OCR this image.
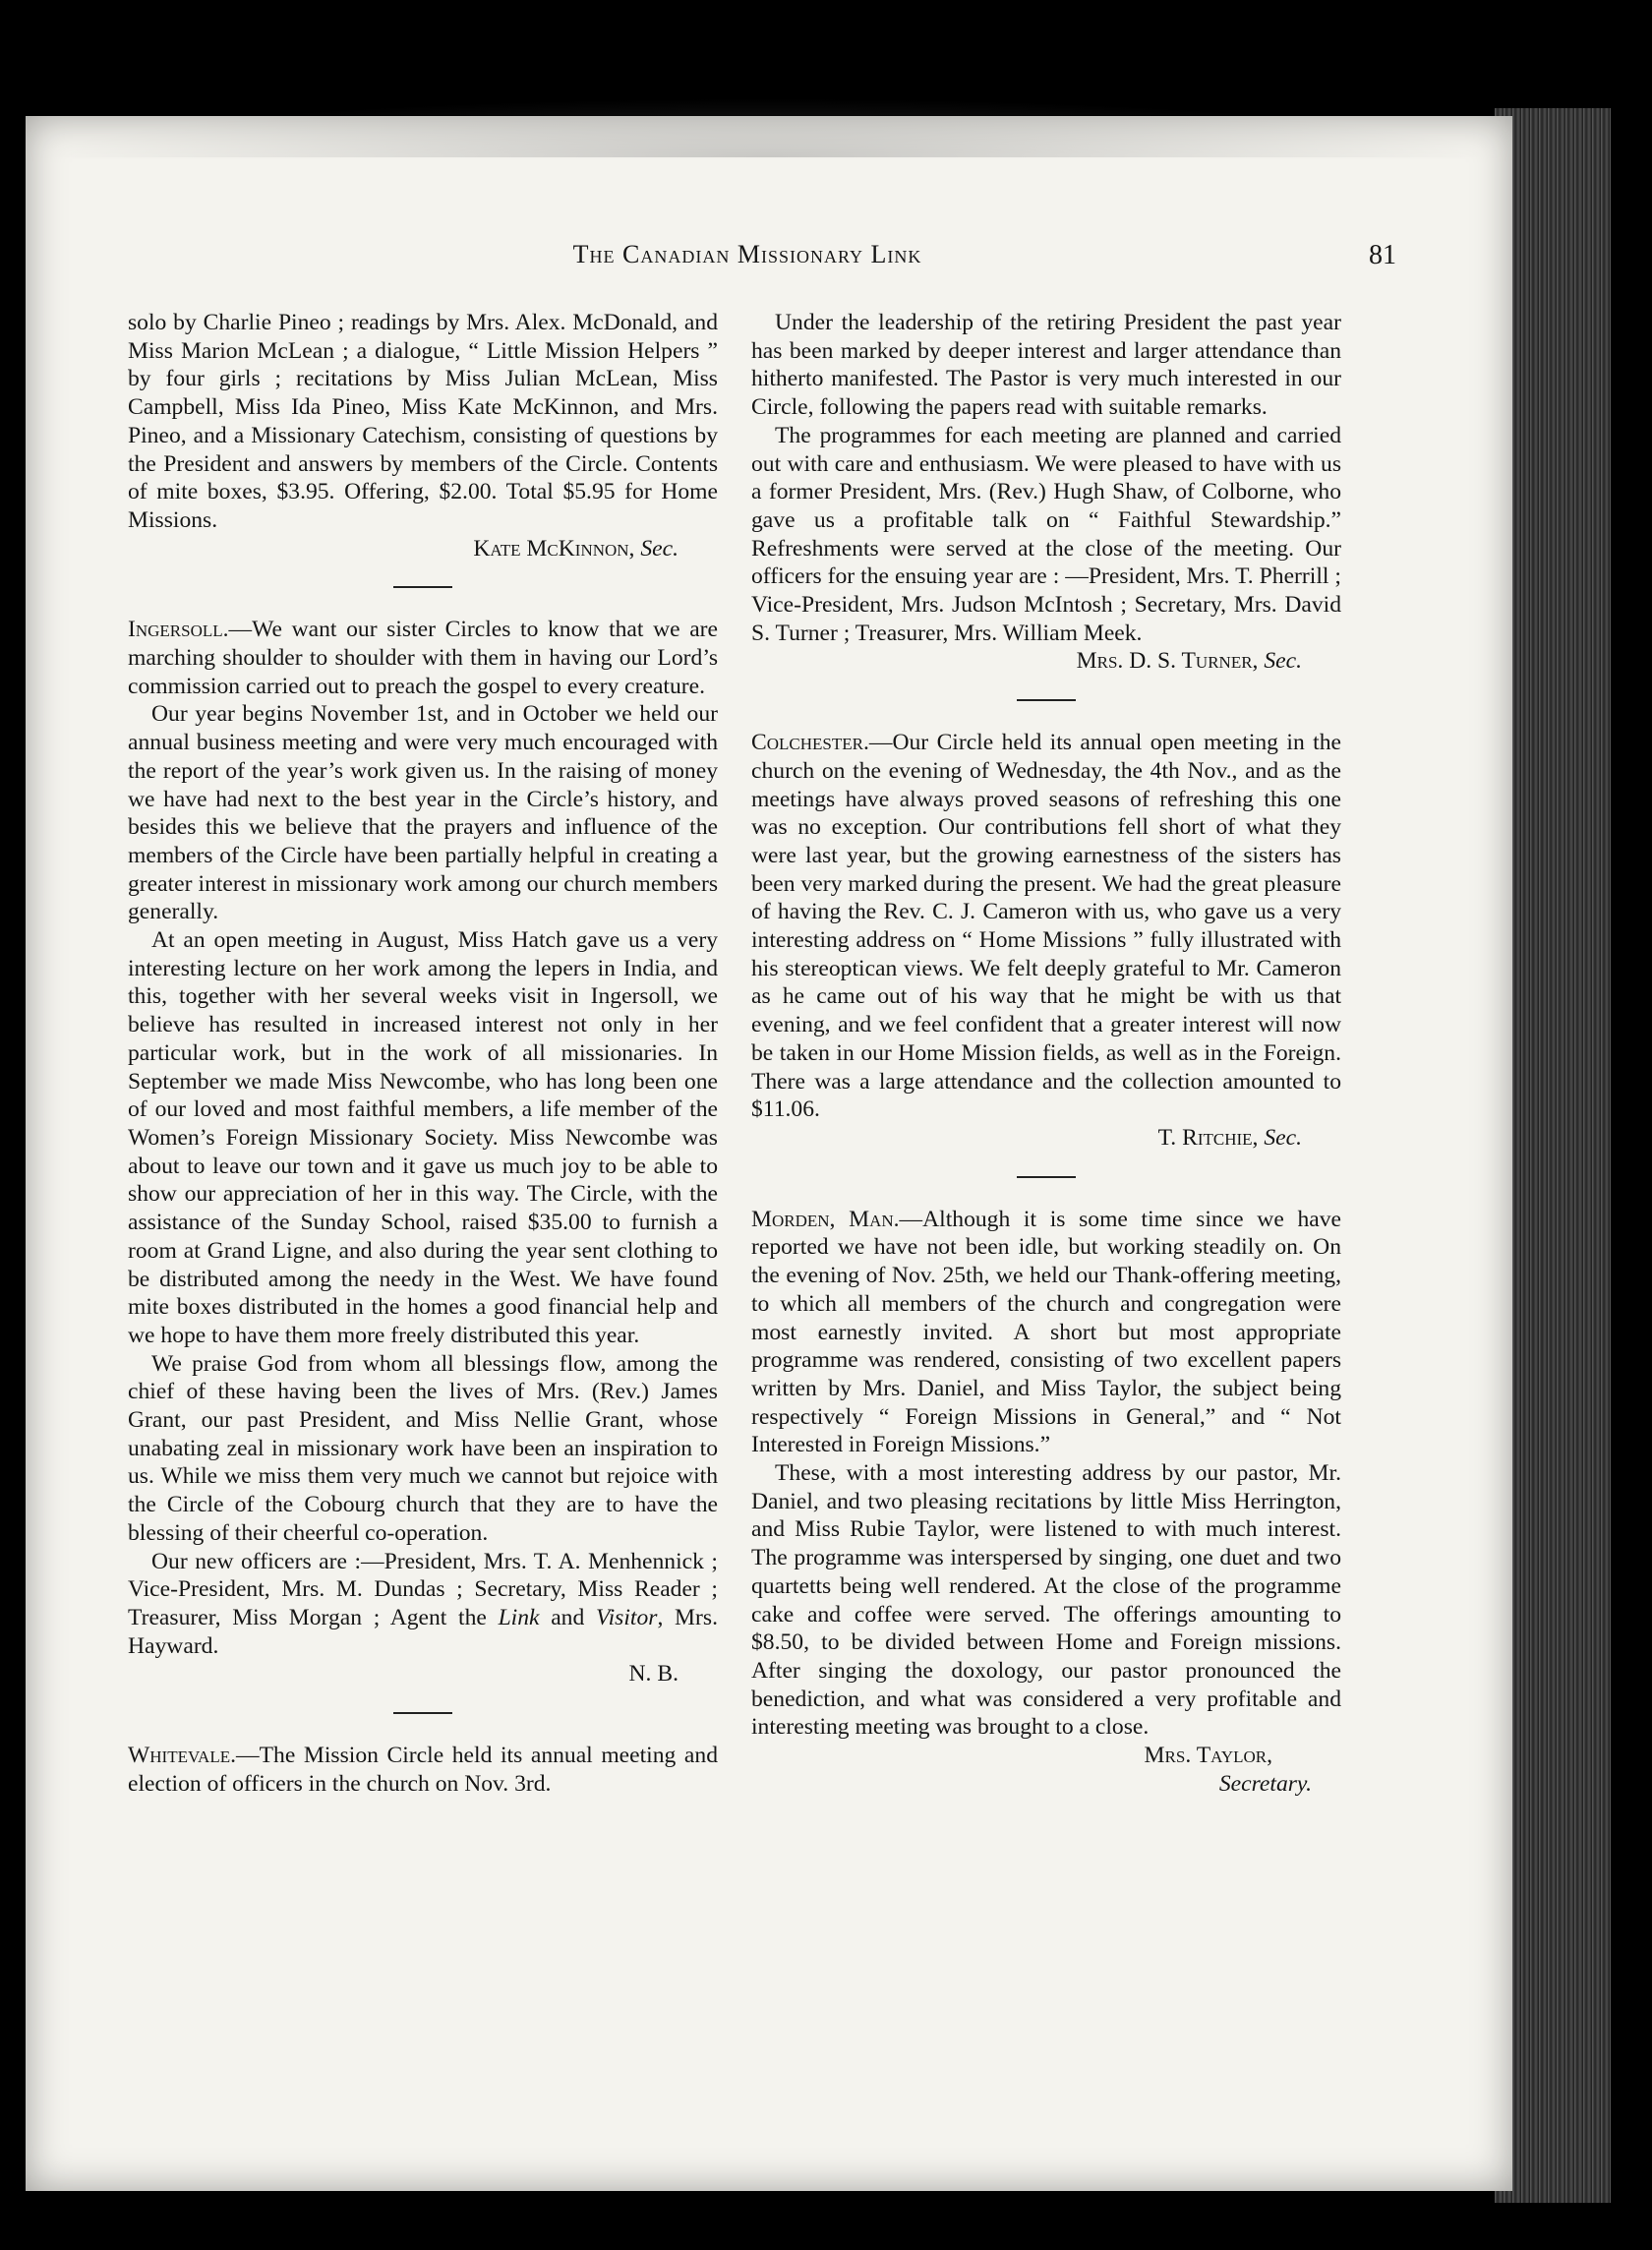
The Canadian Missionary Link	81

solo by Charlie Pineo ; readings by Mrs. Alex. McDonald, and Miss Marion McLean ; a dialogue, “ Little Mission Helpers ” by four girls ; recitations by Miss Julian McLean, Miss Campbell, Miss Ida Pineo, Miss Kate McKinnon, and Mrs. Pineo, and a Missionary Catechism, consisting of questions by the President and answers by members of the Circle. Contents of mite boxes, $3.95. Offering, $2.00. Total $5.95 for Home Missions.

Kate McKinnon, Sec.

Ingersoll.—We want our sister Circles to know that we are marching shoulder to shoulder with them in having our Lord’s commission carried out to preach the gospel to every creature.

Our year begins November 1st, and in October we held our annual business meeting and were very much encouraged with the report of the year’s work given us. In the raising of money we have had next to the best year in the Circle’s history, and besides this we believe that the prayers and influence of the members of the Circle have been partially helpful in creating a greater interest in missionary work among our church members generally.

At an open meeting in August, Miss Hatch gave us a very interesting lecture on her work among the lepers in India, and this, together with her several weeks visit in Ingersoll, we believe has resulted in increased interest not only in her particular work, but in the work of all missionaries. In September we made Miss Newcombe, who has long been one of our loved and most faithful members, a life member of the Women’s Foreign Missionary Society. Miss Newcombe was about to leave our town and it gave us much joy to be able to show our appreciation of her in this way. The Circle, with the assistance of the Sunday School, raised $35.00 to furnish a room at Grand Ligne, and also during the year sent clothing to be distributed among the needy in the West. We have found mite boxes distributed in the homes a good financial help and we hope to have them more freely distributed this year.

We praise God from whom all blessings flow, among the chief of these having been the lives of Mrs. (Rev.) James Grant, our past President, and Miss Nellie Grant, whose unabating zeal in missionary work have been an inspiration to us. While we miss them very much we cannot but rejoice with the Circle of the Cobourg church that they are to have the blessing of their cheerful co-operation.

Our new officers are :—President, Mrs. T. A. Menhennick ; Vice-President, Mrs. M. Dundas ; Secretary, Miss Reader ; Treasurer, Miss Morgan ; Agent the Link and Visitor, Mrs. Hayward.

N. B.

Whitevale.—The Mission Circle held its annual meeting and election of officers in the church on Nov. 3rd.

Under the leadership of the retiring President the past year has been marked by deeper interest and larger attendance than hitherto manifested. The Pastor is very much interested in our Circle, following the papers read with suitable remarks.

The programmes for each meeting are planned and carried out with care and enthusiasm. We were pleased to have with us a former President, Mrs. (Rev.) Hugh Shaw, of Colborne, who gave us a profitable talk on “ Faithful Stewardship.” Refreshments were served at the close of the meeting. Our officers for the ensuing year are : —President, Mrs. T. Pherrill ; Vice-President, Mrs. Judson McIntosh ; Secretary, Mrs. David S. Turner ; Treasurer, Mrs. William Meek.

Mrs. D. S. Turner, Sec.

Colchester.—Our Circle held its annual open meeting in the church on the evening of Wednesday, the 4th Nov., and as the meetings have always proved seasons of refreshing this one was no exception. Our contributions fell short of what they were last year, but the growing earnestness of the sisters has been very marked during the present. We had the great pleasure of having the Rev. C. J. Cameron with us, who gave us a very interesting address on “ Home Missions ” fully illustrated with his stereoptican views. We felt deeply grateful to Mr. Cameron as he came out of his way that he might be with us that evening, and we feel confident that a greater interest will now be taken in our Home Mission fields, as well as in the Foreign. There was a large attendance and the collection amounted to $11.06.

T. Ritchie, Sec.

Morden, Man.—Although it is some time since we have reported we have not been idle, but working steadily on. On the evening of Nov. 25th, we held our Thank-offering meeting, to which all members of the church and congregation were most earnestly invited. A short but most appropriate programme was rendered, consisting of two excellent papers written by Mrs. Daniel, and Miss Taylor, the subject being respectively “ Foreign Missions in General,” and “ Not Interested in Foreign Missions.”

These, with a most interesting address by our pastor, Mr. Daniel, and two pleasing recitations by little Miss Herrington, and Miss Rubie Taylor, were listened to with much interest. The programme was interspersed by singing, one duet and two quartetts being well rendered. At the close of the programme cake and coffee were served. The offerings amounting to $8.50, to be divided between Home and Foreign missions. After singing the doxology, our pastor pronounced the benediction, and what was considered a very profitable and interesting meeting was brought to a close.

Mrs. Taylor,

Secretary.
